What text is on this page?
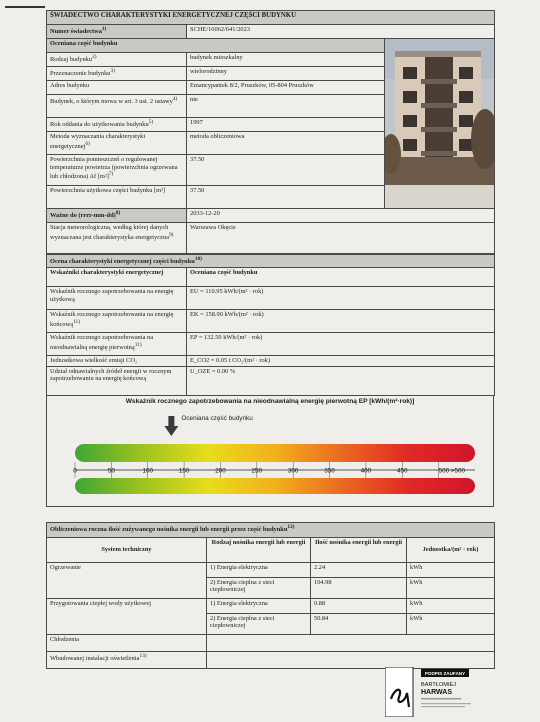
ŚWIADECTWO CHARAKTERYSTYKI ENERGETYCZNEJ CZĘŚCI BUDYNKU		
Numer świadectwa$^{1)}$	SCHE/16062/641/2023	
Oceniana część budynku	

Rodzaj budynku$^{2)}$	budynek mieszkalny	
Przeznaczenie budynku$^{3)}$	wielorodzinny	
Adres budynku	Emancypantek 8/2, Pruszków, 05-804 Pruszków	
Budynek, o którym mowa w art. 3 ust. 2 ustawy$^{4)}$	nie	
Rok oddania do użytkowania budynku$^{5)}$	1997	
Metoda wyznaczania charakterystyki energetycznej$^{6)}$	metoda obliczeniowa	
Powierzchnia pomieszczeń o regulowanej temperaturze powietrza (powierzchnia ogrzewana lub chłodzona) Af $[m^2]^{7)}$	37.50	
Powierzchnia użytkowa części budynku [m²]	37.50	
Ważne do (rrrr-mm-dd)$^{8)}$	2033-12-20	
Stacja meteorologiczna, według której danych wyznaczana jest charakterystyka energetyczna$^{9)}$	Warszawa Okęcie	
Ocena charakterystyki energetycznej części budynku$^{10)}$
Wskaźniki charakterystyki energetycznej	Oceniana część budynku
Wskaźnik rocznego zapotrzebowania na energię użytkową	EU = 110.95 kWh/(m² · rok)
Wskaźnik rocznego zapotrzebowania na energię końcową$^{11)}$	EK = 158.90 kWh/(m² · rok)
Wskaźnik rocznego zapotrzebowania na nieodnawialną energię pierwotną$^{11)}$	EP = 132.50 kWh/(m² · rok)
Jednostkowa wielkość emisji CO₂	E_CO2 = 0.05 t CO₂/(m² · rok)
Udział odnawialnych źródeł energii w rocznym zapotrzebowaniu na energię końcową	U_OZE = 0.00 %
Wskaźnik rocznego zapotrzebowania na nieodnawialną energię pierwotną EP [kWh/(m²·rok)]
0	50	100	150	200	250	300	350	400	450	500 >500
Oceniana część budynku
Obliczeniowa roczna ilość zużywanego nośnika energii lub energii przez część budynku$^{12)}$
System techniczny	Rodzaj nośnika energii lub energii	Ilość nośnika energii lub energii	Jednostka/(m² · rok)
Ogrzewanie	1) Energia elektryczna	2.24	kWh
	2) Energia cieplna z sieci ciepłowniczej	104.98	kWh
Przygotowania ciepłej wody użytkowej	1) Energia elektryczna	0.88	kWh
	2) Energia cieplna z sieci ciepłowniczej	50.84	kWh
Chłodzenia			
Wbudowanej instalacji oświetlenia$^{13)}$	
PODPIS ZAUFANY
BARTŁOMIEJ
HARWAS
